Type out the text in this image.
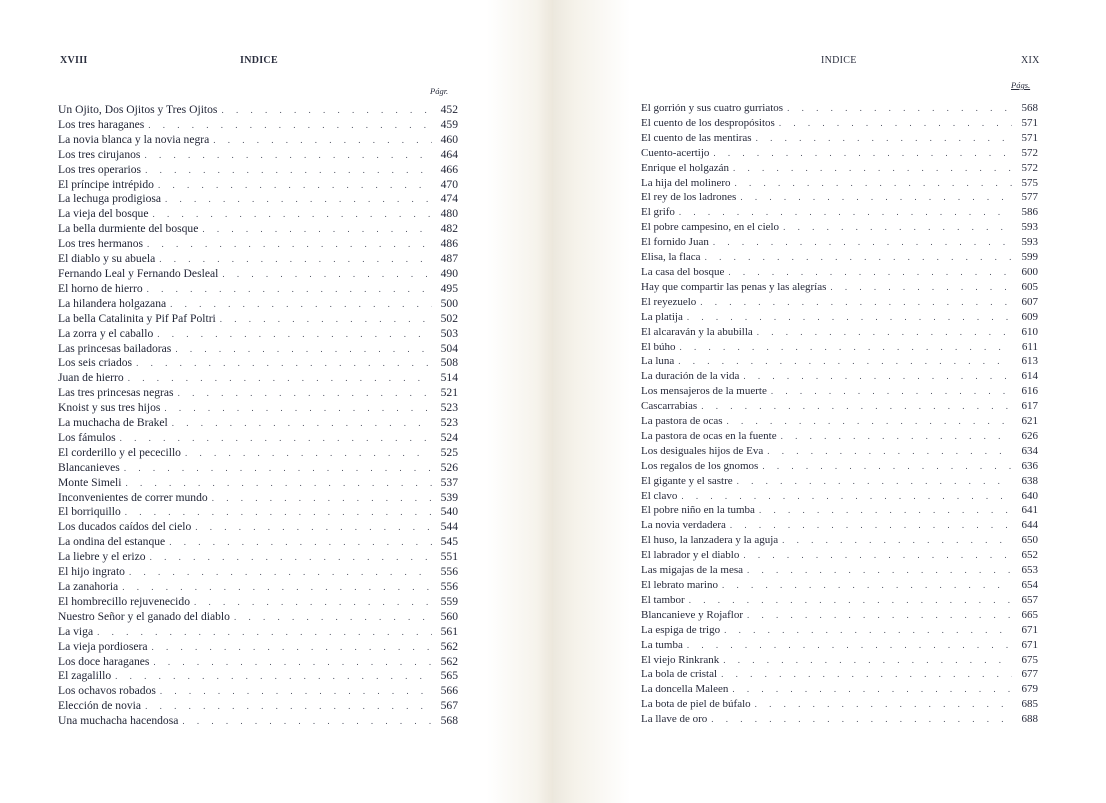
XVIII	INDICE
Págr.
Un Ojito, Dos Ojitos y Tres Ojitos . . .	452
Los tres haraganes . . .	459
La novia blanca y la novia negra . . .	460
Los tres cirujanos . . .	464
Los tres operarios . . .	466
El príncipe intrépido . . .	470
La lechuga prodigiosa . . .	474
La vieja del bosque . . .	480
La bella durmiente del bosque . . .	482
Los tres hermanos . . .	486
El diablo y su abuela . . .	487
Fernando Leal y Fernando Desleal . . .	490
El horno de hierro . . .	495
La hilandera holgazana . . .	500
La bella Catalinita y Pif Paf Poltri . . .	502
La zorra y el caballo . . .	503
Las princesas bailadoras . . .	504
Los seis criados . . .	508
Juan de hierro . . .	514
Las tres princesas negras . . .	521
Knoist y sus tres hijos . . .	523
La muchacha de Brakel . . .	523
Los fámulos . . .	524
El corderillo y el pececillo . . .	525
Blancanieves . . .	526
Monte Simeli . . .	537
Inconvenientes de correr mundo . . .	539
El borriquillo . . .	540
Los ducados caídos del cielo . . .	544
La ondina del estanque . . .	545
La liebre y el erizo . . .	551
El hijo ingrato . . .	556
La zanahoria . . .	556
El hombrecillo rejuvenecido . . .	559
Nuestro Señor y el ganado del diablo . . .	560
La viga . . .	561
La vieja pordiosera . . .	562
Los doce haraganes . . .	562
El zagalillo . . .	565
Los ochavos robados . . .	566
Elección de novia . . .	567
Una muchacha hacendosa . . .	568
INDICE	XIX
Págs.
El gorrión y sus cuatro gurriatos . . .	568
El cuento de los despropósitos . . .	571
El cuento de las mentiras . . .	571
Cuento-acertijo . . .	572
Enrique el holgazán . . .	572
La hija del molinero . . .	575
El rey de los ladrones . . .	577
El grifo . . .	586
El pobre campesino, en el cielo . . .	593
El fornido Juan . . .	593
Elisa, la flaca . . .	599
La casa del bosque . . .	600
Hay que compartir las penas y las alegrías . . .	605
El reyezuelo . . .	607
La platija . . .	609
El alcaraván y la abubilla . . .	610
El búho . . .	611
La luna . . .	613
La duración de la vida . . .	614
Los mensajeros de la muerte . . .	616
Cascarrabias . . .	617
La pastora de ocas . . .	621
La pastora de ocas en la fuente . . .	626
Los desiguales hijos de Eva . . .	634
Los regalos de los gnomos . . .	636
El gigante y el sastre . . .	638
El clavo . . .	640
El pobre niño en la tumba . . .	641
La novia verdadera . . .	644
El huso, la lanzadera y la aguja . . .	650
El labrador y el diablo . . .	652
Las migajas de la mesa . . .	653
El lebrato marino . . .	654
El tambor . . .	657
Blancanieve y Rojaflor . . .	665
La espiga de trigo . . .	671
La tumba . . .	671
El viejo Rinkrank . . .	675
La bola de cristal . . .	677
La doncella Maleen . . .	679
La bota de piel de búfalo . . .	685
La llave de oro . . .	688
